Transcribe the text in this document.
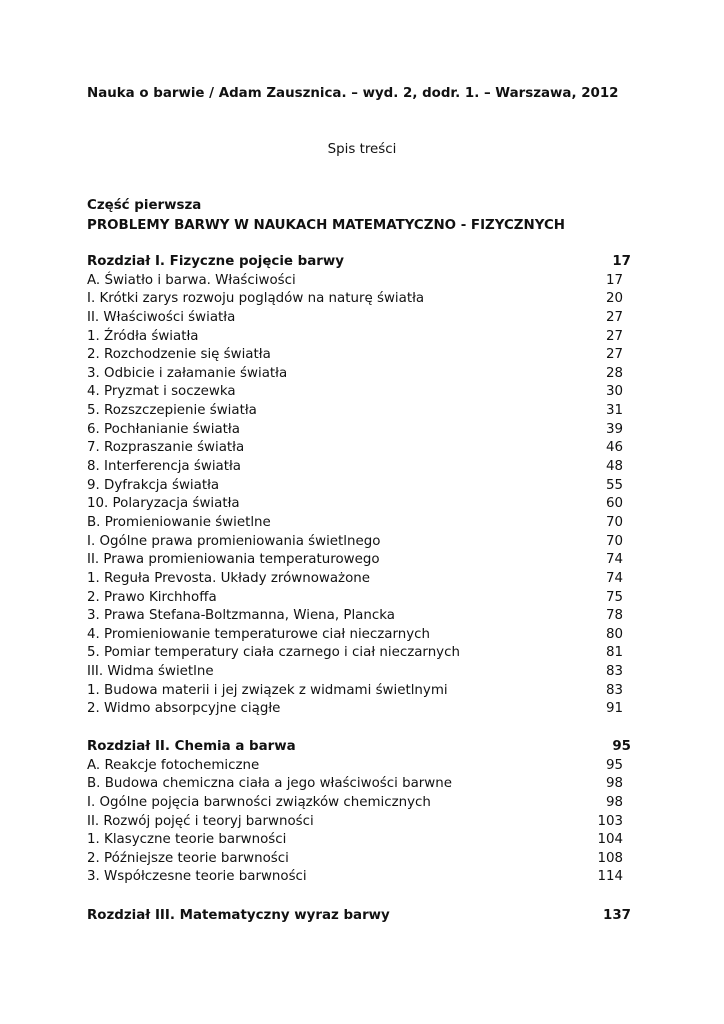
Nauka o barwie / Adam Zausznica. – wyd. 2, dodr. 1. – Warszawa, 2012
Spis treści
Część pierwsza
PROBLEMY BARWY W NAUKACH MATEMATYCZNO - FIZYCZNYCH
Rozdział I. Fizyczne pojęcie barwy	17
A. Światło i barwa. Właściwości	17
I. Krótki zarys rozwoju poglądów na naturę światła	20
II. Właściwości światła	27
1. Źródła światła	27
2. Rozchodzenie się światła	27
3. Odbicie i załamanie światła	28
4. Pryzmat i soczewka	30
5. Rozszczepienie światła	31
6. Pochłanianie światła	39
7. Rozpraszanie światła	46
8. Interferencja światła	48
9. Dyfrakcja światła	55
10. Polaryzacja światła	60
B. Promieniowanie świetlne	70
I. Ogólne prawa promieniowania świetlnego	70
II. Prawa promieniowania temperaturowego	74
1. Reguła Prevosta. Układy zrównoważone	74
2. Prawo Kirchhoffa	75
3. Prawa Stefana-Boltzmanna, Wiena, Plancka	78
4. Promieniowanie temperaturowe ciał nieczarnych	80
5. Pomiar temperatury ciała czarnego i ciał nieczarnych	81
III. Widma świetlne	83
1. Budowa materii i jej związek z widmami świetlnymi	83
2. Widmo absorpcyjne ciągłe	91
Rozdział II. Chemia a barwa	95
A. Reakcje fotochemiczne	95
B. Budowa chemiczna ciała a jego właściwości barwne	98
I. Ogólne pojęcia barwności związków chemicznych	98
II. Rozwój pojęć i teoryj barwności	103
1. Klasyczne teorie barwności	104
2. Późniejsze teorie barwności	108
3. Współczesne teorie barwności	114
Rozdział III. Matematyczny wyraz barwy	137
